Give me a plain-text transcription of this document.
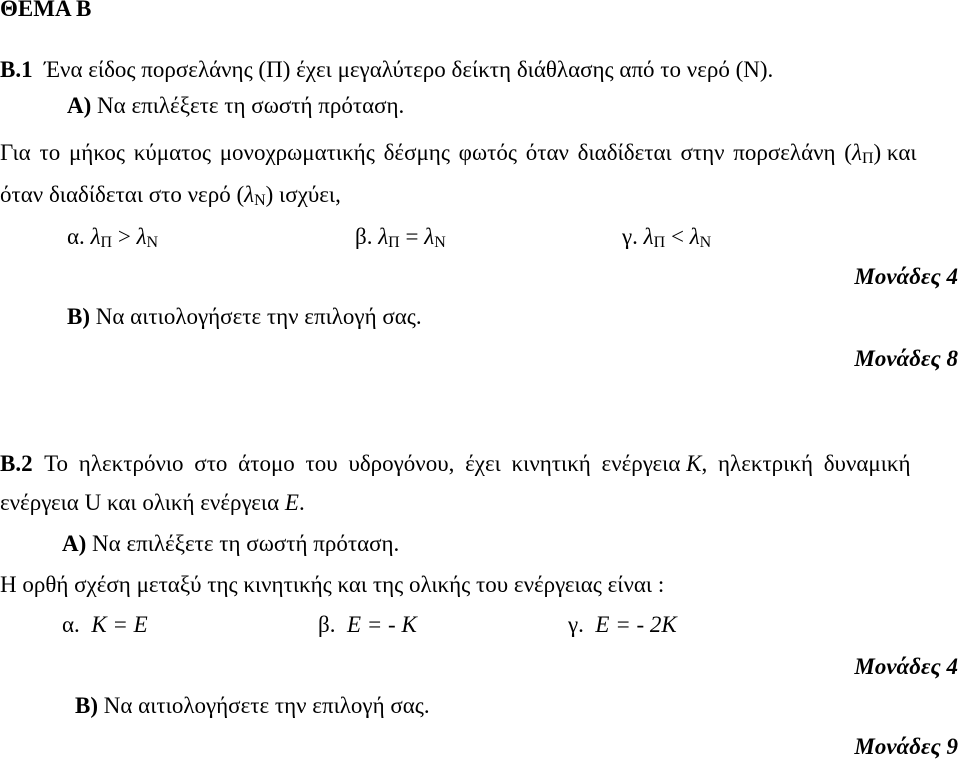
ΘΕΜΑ Β
Β.1 Ένα είδος πορσελάνης (Π) έχει μεγαλύτερο δείκτη διάθλασης από το νερό (Ν).
Α) Να επιλέξετε τη σωστή πρόταση.
Για το μήκος κύματος μονοχρωματικής δέσμης φωτός όταν διαδίδεται στην πορσελάνη (λΠ) και
όταν διαδίδεται στο νερό (λΝ) ισχύει,
α. λΠ > λΝ	β. λΠ = λΝ	γ. λΠ < λΝ
Μονάδες 4
Β) Να αιτιολογήσετε την επιλογή σας.
Μονάδες 8
Β.2 Το ηλεκτρόνιο στο άτομο του υδρογόνου, έχει κινητική ενέργεια K, ηλεκτρική δυναμική
ενέργεια U και ολική ενέργεια E.
Α) Να επιλέξετε τη σωστή πρόταση.
Η ορθή σχέση μεταξύ της κινητικής και της ολικής του ενέργειας είναι :
α. K = E	β. E = - K	γ. E = - 2K
Μονάδες 4
Β) Να αιτιολογήσετε την επιλογή σας.
Μονάδες 9
